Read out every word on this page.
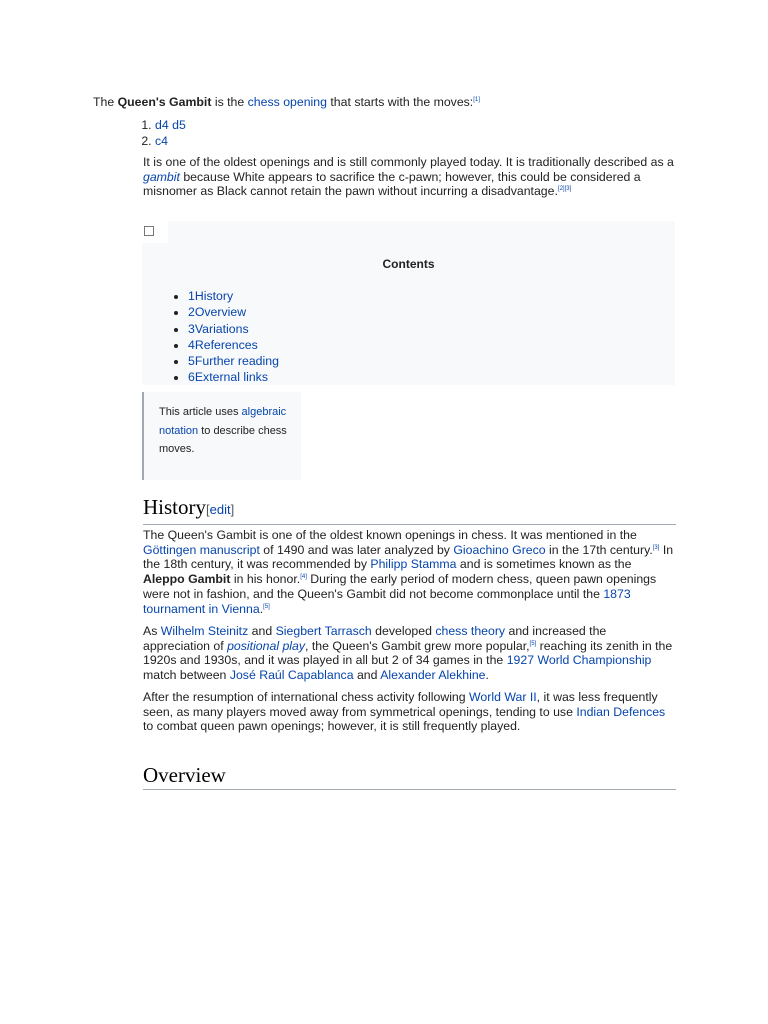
The Queen's Gambit is the chess opening that starts with the moves:[1]
1. d4 d5
2. c4

It is one of the oldest openings and is still commonly played today. It is traditionally described as a gambit because White appears to sacrifice the c-pawn; however, this could be considered a misnomer as Black cannot retain the pawn without incurring a disadvantage.[2][3]

Contents
• 1History
• 2Overview
• 3Variations
• 4References
• 5Further reading
• 6External links
This article uses algebraic notation to describe chess moves.
History[edit]

The Queen's Gambit is one of the oldest known openings in chess. It was mentioned in the Göttingen manuscript of 1490 and was later analyzed by Gioachino Greco in the 17th century.[3] In the 18th century, it was recommended by Philipp Stamma and is sometimes known as the Aleppo Gambit in his honor.[4] During the early period of modern chess, queen pawn openings were not in fashion, and the Queen's Gambit did not become commonplace until the 1873 tournament in Vienna.[5]

As Wilhelm Steinitz and Siegbert Tarrasch developed chess theory and increased the appreciation of positional play, the Queen's Gambit grew more popular,[5] reaching its zenith in the 1920s and 1930s, and it was played in all but 2 of 34 games in the 1927 World Championship match between José Raúl Capablanca and Alexander Alekhine.

After the resumption of international chess activity following World War II, it was less frequently seen, as many players moved away from symmetrical openings, tending to use Indian Defences to combat queen pawn openings; however, it is still frequently played.

Overview
